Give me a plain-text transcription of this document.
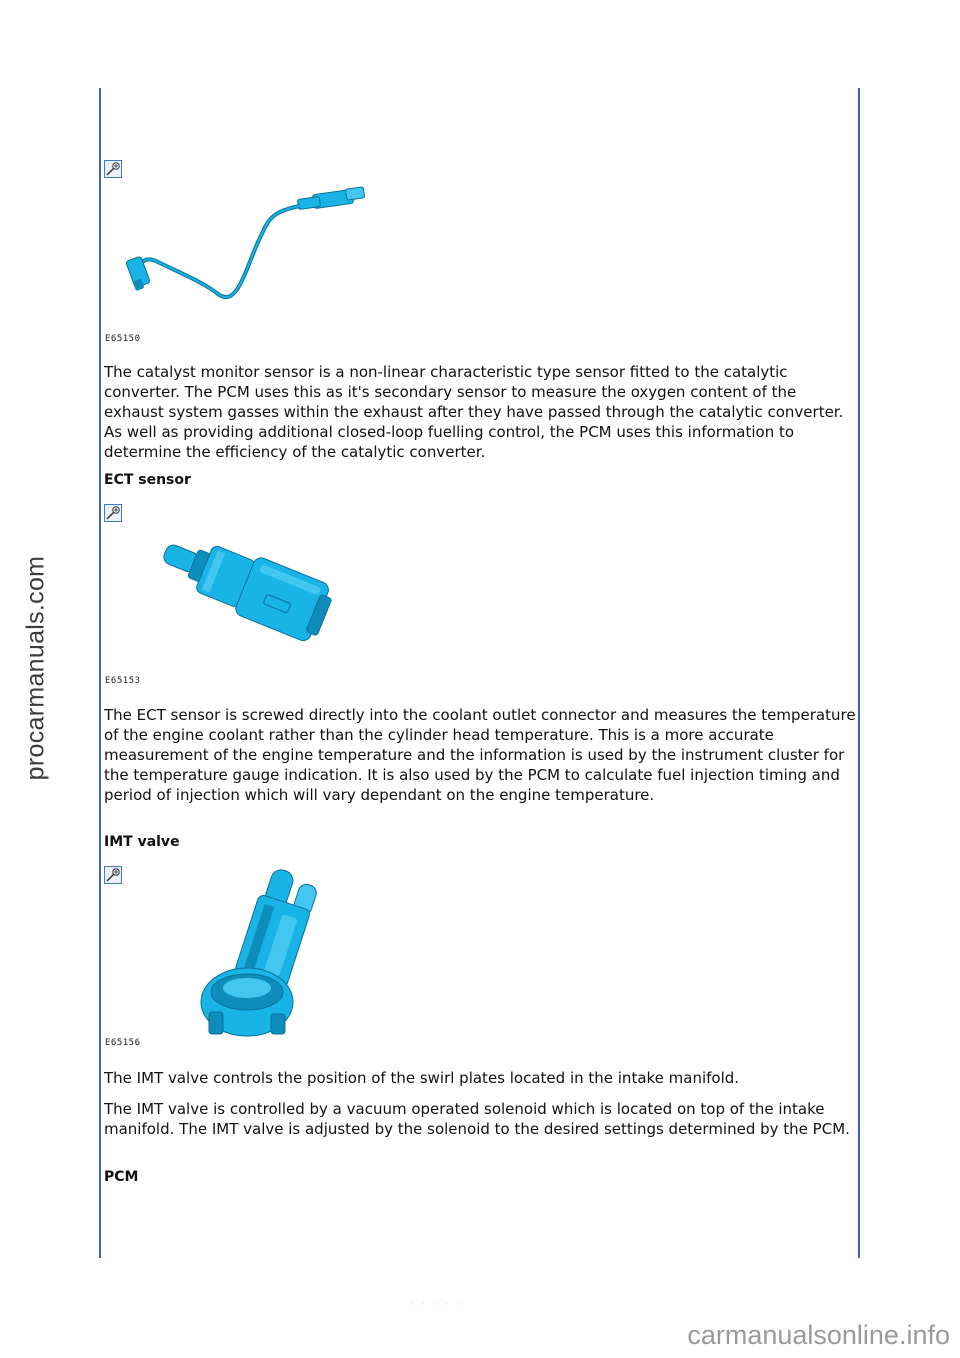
procarmanuals.com
E65150

The catalyst monitor sensor is a non-linear characteristic type sensor fitted to the catalytic converter. The PCM uses this as it's secondary sensor to measure the oxygen content of the exhaust system gasses within the exhaust after they have passed through the catalytic converter. As well as providing additional closed-loop fuelling control, the PCM uses this information to determine the efficiency of the catalytic converter.

ECT sensor
E65153

The ECT sensor is screwed directly into the coolant outlet connector and measures the temperature of the engine coolant rather than the cylinder head temperature. This is a more accurate measurement of the engine temperature and the information is used by the instrument cluster for the temperature gauge indication. It is also used by the PCM to calculate fuel injection timing and period of injection which will vary dependant on the engine temperature.

IMT valve
E65156

The IMT valve controls the position of the swirl plates located in the intake manifold.

The IMT valve is controlled by a vacuum operated solenoid which is located on top of the intake manifold. The IMT valve is adjusted by the solenoid to the desired settings determined by the PCM.

PCM
· · · · ·
carmanualsonline.info
